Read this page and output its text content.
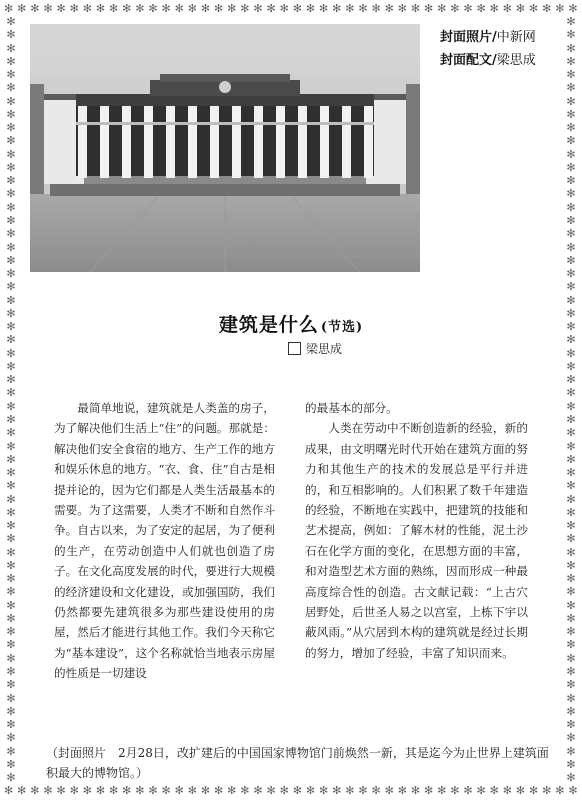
✻ ✻ ✻ ✻ ✻ ✻ ✻ ✻ ✻ ✻ ✻ ✻ ✻ ✻ ✻ ✻ ✻ ✻ ✻ ✻ ✻ ✻ ✻ ✻ ✻ ✻ ✻ ✻ ✻ ✻ ✻ ✻ ✻ ✻ ✻ ✻ ✻ ✻ ✻ ✻ ✻ ✻ ✻ ✻
✻ ✻ ✻ ✻ ✻ ✻ ✻ ✻ ✻ ✻ ✻ ✻ ✻ ✻ ✻ ✻ ✻ ✻ ✻ ✻ ✻ ✻ ✻ ✻ ✻ ✻ ✻ ✻ ✻ ✻ ✻ ✻ ✻ ✻ ✻ ✻ ✻ ✻ ✻ ✻ ✻ ✻ ✻ ✻
✻
✻
✻
✻
✻
✻
✻
✻
✻
✻
✻
✻
✻
✻
✻
✻
✻
✻
✻
✻
✻
✻
✻
✻
✻
✻
✻
✻
✻
✻
✻
✻
✻
✻
✻
✻
✻
✻
✻
✻
✻
✻
✻
✻
✻
✻
✻
✻
✻
✻
✻
✻
✻
✻
✻
✻
✻
✻
✻
✻
✻
✻
✻
✻
✻
✻
✻
✻
✻
✻
✻
✻
✻
✻
✻
✻
✻
✻
✻
✻
✻
✻
✻
✻
✻
✻
✻
✻
✻
✻
✻
✻
✻
✻
✻
✻
✻
✻
✻
✻
✻
✻
✻
✻
✻
✻
✻
✻
✻
✻
✻
✻
✻
✻
✻
✻
封面照片/中新网
封面配文/梁思成
建筑是什么 (节选)
梁思成

最简单地说，建筑就是人类盖的房子，为了解决他们生活上“住”的问题。那就是：解决他们安全食宿的地方、生产工作的地方和娱乐休息的地方。“衣、食、住”自古是相提并论的，因为它们都是人类生活最基本的需要。为了这需要，人类才不断和自然作斗争。自古以来，为了安定的起居，为了便利的生产，在劳动创造中人们就也创造了房子。在文化高度发展的时代，要进行大规模的经济建设和文化建设，或加强国防，我们仍然都要先建筑很多为那些建设使用的房屋，然后才能进行其他工作。我们今天称它为“基本建设”，这个名称就恰当地表示房屋的性质是一切建设

的最基本的部分。

人类在劳动中不断创造新的经验，新的成果，由文明曙光时代开始在建筑方面的努力和其他生产的技术的发展总是平行并进的，和互相影响的。人们积累了数千年建造的经验，不断地在实践中，把建筑的技能和艺术提高，例如：了解木材的性能，泥土沙石在化学方面的变化，在思想方面的丰富，和对造型艺术方面的熟练，因而形成一种最高度综合性的创造。古文献记载：“上古穴居野处，后世圣人易之以宫室，上栋下宇以蔽风雨。”从穴居到木构的建筑就是经过长期的努力，增加了经验，丰富了知识而来。

（封面照片　2月28日，改扩建后的中国国家博物馆门前焕然一新，其是迄今为止世界上建筑面积最大的博物馆。）
